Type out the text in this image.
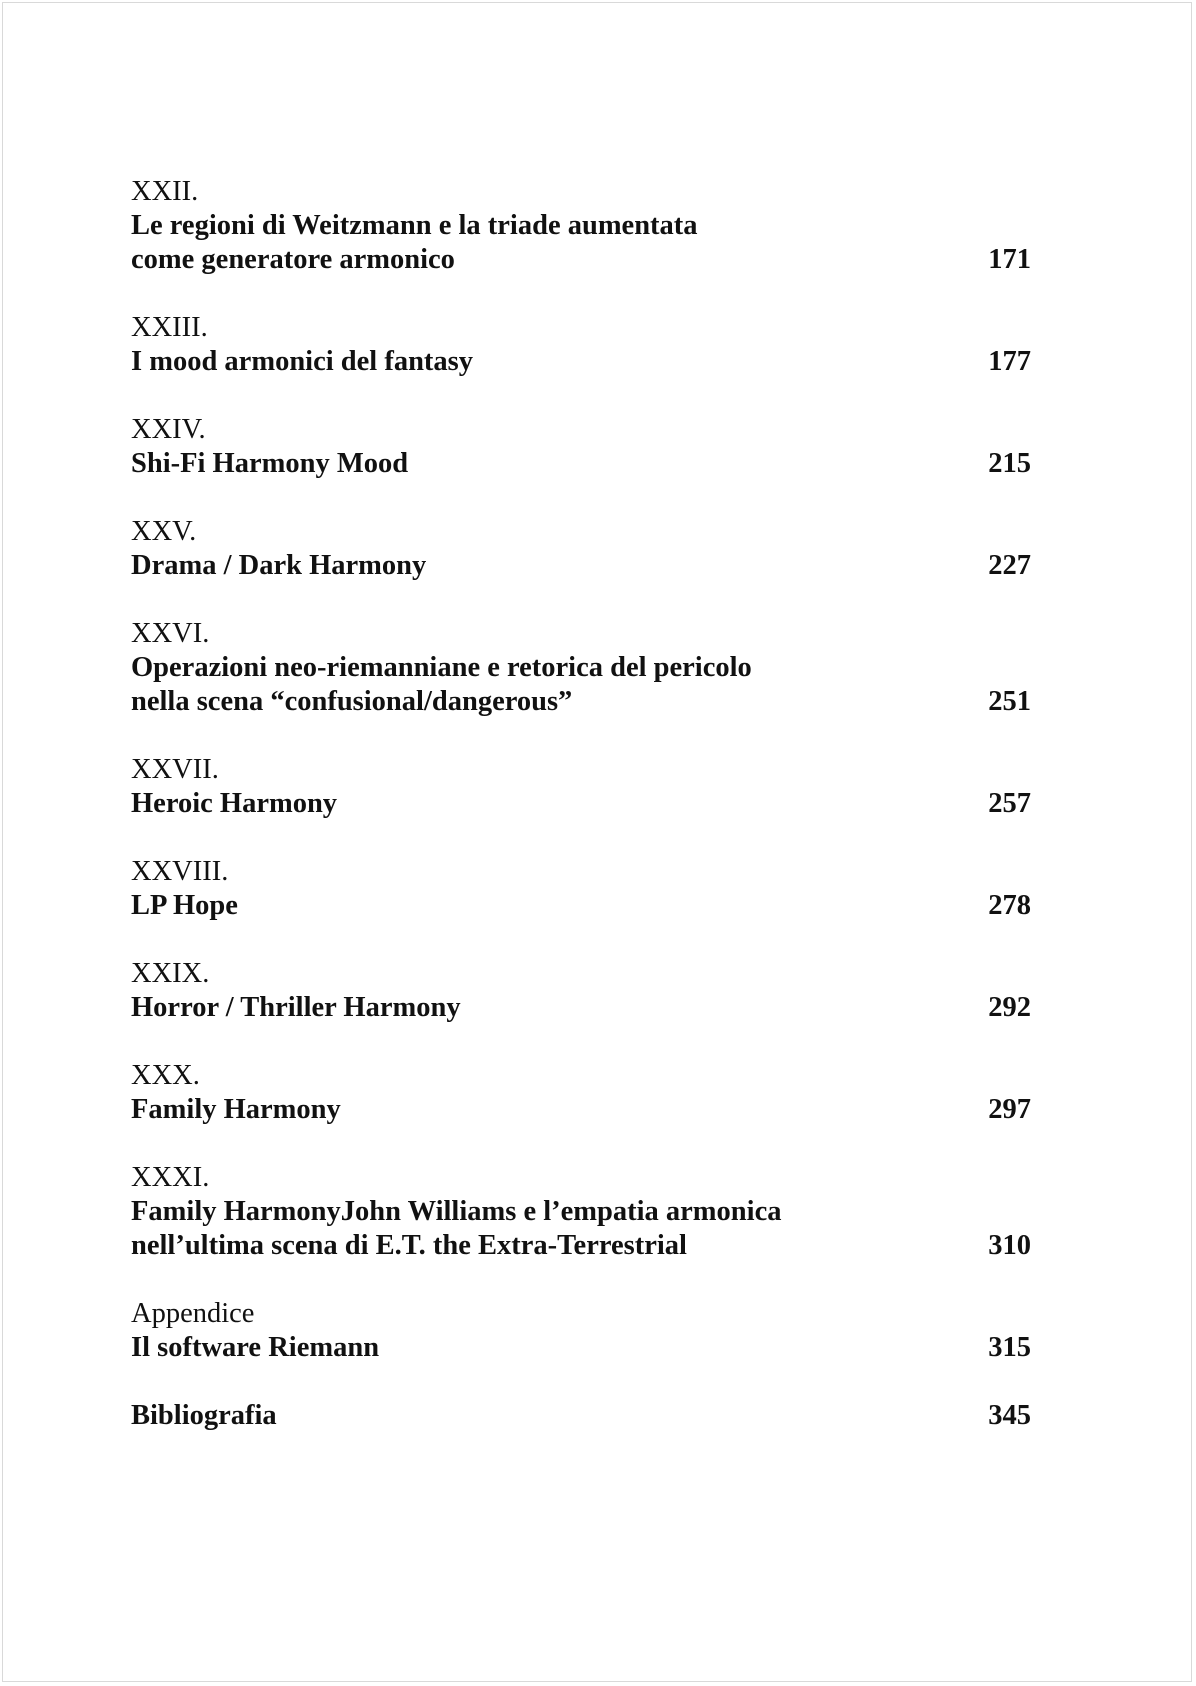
XXII.
Le regioni di Weitzmann e la triade aumentata
come generatore armonico	171
XXIII.
I mood armonici del fantasy	177
XXIV.
Shi-Fi Harmony Mood	215
XXV.
Drama / Dark Harmony	227
XXVI.
Operazioni neo-riemanniane e retorica del pericolo
nella scena “confusional/dangerous”	251
XXVII.
Heroic Harmony	257
XXVIII.
LP Hope	278
XXIX.
Horror / Thriller Harmony	292
XXX.
Family Harmony	297
XXXI.
Family HarmonyJohn Williams e l’empatia armonica
nell’ultima scena di E.T. the Extra-Terrestrial	310
Appendice
Il software Riemann	315
Bibliografia	345
